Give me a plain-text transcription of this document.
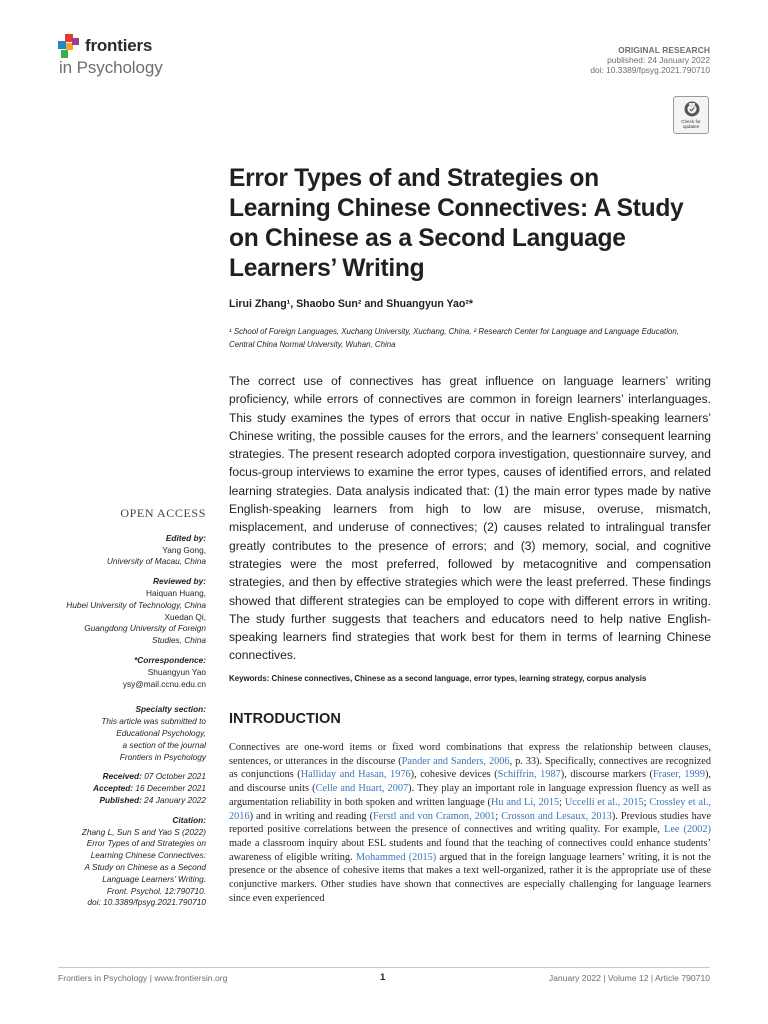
frontiers
in Psychology
ORIGINAL RESEARCH
published: 24 January 2022
doi: 10.3389/fpsyg.2021.790710
Check for updates
Error Types of and Strategies on Learning Chinese Connectives: A Study on Chinese as a Second Language Learners’ Writing
Lirui Zhang¹, Shaobo Sun² and Shuangyun Yao²*
¹ School of Foreign Languages, Xuchang University, Xuchang, China, ² Research Center for Language and Language Education, Central China Normal University, Wuhan, China
The correct use of connectives has great influence on language learners’ writing proficiency, while errors of connectives are common in foreign learners’ interlanguages. This study examines the types of errors that occur in native English-speaking learners’ Chinese writing, the possible causes for the errors, and the learners’ consequent learning strategies. The present research adopted corpora investigation, questionnaire survey, and focus-group interviews to examine the error types, causes of identified errors, and related learning strategies. Data analysis indicated that: (1) the main error types made by native English-speaking learners from high to low are misuse, overuse, mismatch, misplacement, and underuse of connectives; (2) causes related to intralingual transfer greatly contributes to the presence of errors; and (3) memory, social, and cognitive strategies were the most preferred, followed by metacognitive and compensation strategies, and then by effective strategies which were the least preferred. These findings showed that different strategies can be employed to cope with different errors in writing. The study further suggests that teachers and educators need to help native English-speaking learners find strategies that work best for them in terms of learning Chinese connectives.
Keywords: Chinese connectives, Chinese as a second language, error types, learning strategy, corpus analysis
OPEN ACCESS
Edited by:
Yang Gong,
University of Macau, China
Reviewed by:
Haiquan Huang,
Hubei University of Technology, China
Xuedan Qi,
Guangdong University of Foreign
Studies, China
*Correspondence:
Shuangyun Yao
ysy@mail.ccnu.edu.cn
Specialty section:
This article was submitted to
Educational Psychology,
a section of the journal
Frontiers in Psychology
Received: 07 October 2021
Accepted: 16 December 2021
Published: 24 January 2022
Citation:
Zhang L, Sun S and Yao S (2022)
Error Types of and Strategies on
Learning Chinese Connectives:
A Study on Chinese as a Second
Language Learners’ Writing.
Front. Psychol. 12:790710.
doi: 10.3389/fpsyg.2021.790710
INTRODUCTION
Connectives are one-word items or fixed word combinations that express the relationship between clauses, sentences, or utterances in the discourse (Pander and Sanders, 2006, p. 33). Specifically, connectives are recognized as conjunctions (Halliday and Hasan, 1976), cohesive devices (Schiffrin, 1987), discourse markers (Fraser, 1999), and discourse units (Celle and Huart, 2007). They play an important role in language expression fluency as well as argumentation reliability in both spoken and written language (Hu and Li, 2015; Uccelli et al., 2015; Crossley et al., 2016) and in writing and reading (Ferstl and von Cramon, 2001; Crosson and Lesaux, 2013). Previous studies have reported positive correlations between the presence of connectives and writing quality. For example, Lee (2002) made a classroom inquiry about ESL students and found that the teaching of connectives could enhance students’ awareness of eligible writing. Mohammed (2015) argued that in the foreign language learners’ writing, it is not the presence or the absence of cohesive items that makes a text well-organized, rather it is the appropriate use of these conjunctive markers. Other studies have shown that connectives are especially challenging for language learners since even experienced
Frontiers in Psychology | www.frontiersin.org	1	January 2022 | Volume 12 | Article 790710
